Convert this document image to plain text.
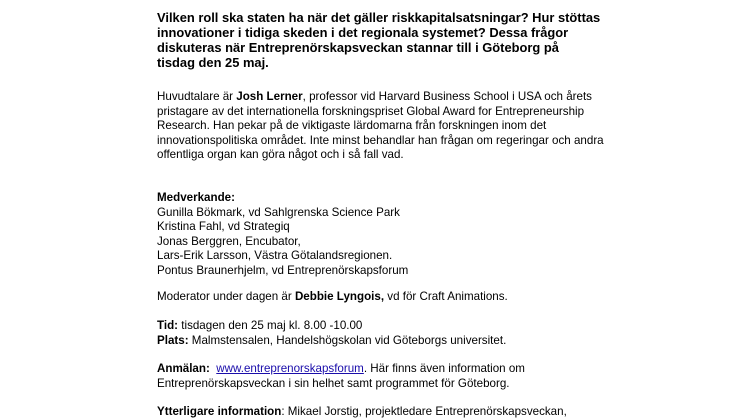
Vilken roll ska staten ha när det gäller riskkapitalsatsningar? Hur stöttas
innovationer i tidiga skeden i det regionala systemet? Dessa frågor
diskuteras när Entreprenörskapsveckan stannar till i Göteborg på
tisdag den 25 maj.
Huvudtalare är Josh Lerner, professor vid Harvard Business School i USA och årets
pristagare av det internationella forskningspriset Global Award for Entrepreneurship
Research. Han pekar på de viktigaste lärdomarna från forskningen inom det
innovationspolitiska området. Inte minst behandlar han frågan om regeringar och andra
offentliga organ kan göra något och i så fall vad.
Medverkande:
Gunilla Bökmark, vd Sahlgrenska Science Park
Kristina Fahl, vd Strategiq
Jonas Berggren, Encubator,
Lars-Erik Larsson, Västra Götalandsregionen.
Pontus Braunerhjelm, vd Entreprenörskapsforum
Moderator under dagen är Debbie Lyngois, vd för Craft Animations.
Tid: tisdagen den 25 maj kl. 8.00 -10.00
Plats: Malmstensalen, Handelshögskolan vid Göteborgs universitet.
Anmälan: www.entreprenorskapsforum. Här finns även information om
Entreprenörskapsveckan i sin helhet samt programmet för Göteborg.
Ytterligare information: Mikael Jorstig, projektledare Entreprenörskapsveckan,
